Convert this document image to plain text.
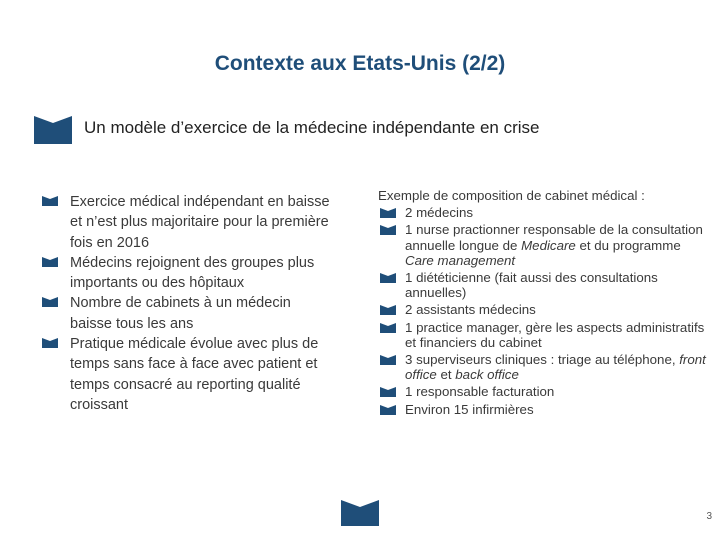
Contexte aux Etats-Unis (2/2)
Un modèle d’exercice de la médecine indépendante en crise
Exercice médical indépendant en baisse et n’est plus majoritaire pour la première fois en 2016
Médecins rejoignent des groupes plus importants ou des hôpitaux
Nombre de cabinets à un médecin baisse tous les ans
Pratique médicale évolue avec plus de temps sans face à face avec patient et temps consacré au reporting qualité croissant
Exemple de composition de cabinet médical :
2 médecins
1 nurse practionner responsable de la consultation annuelle longue de Medicare et du programme Care management
1 diététicienne (fait aussi des consultations annuelles)
2 assistants médecins
1 practice manager, gère les aspects administratifs et financiers du cabinet
3 superviseurs cliniques : triage au téléphone, front office et back office
1 responsable facturation
Environ 15 infirmières
3
